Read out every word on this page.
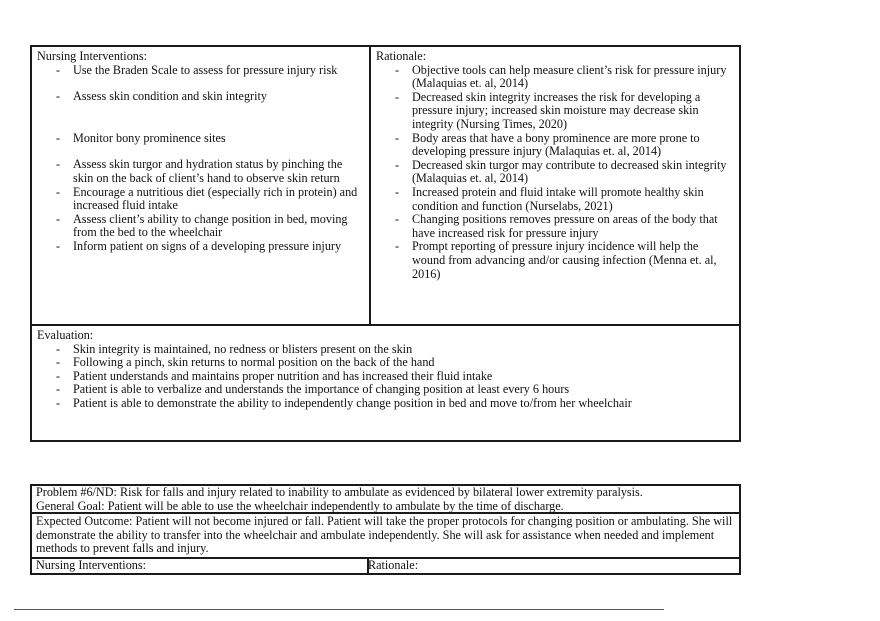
Nursing Interventions:
- Use the Braden Scale to assess for pressure injury risk
- Assess skin condition and skin integrity
- Monitor bony prominence sites
- Assess skin turgor and hydration status by pinching the skin on the back of client’s hand to observe skin return
- Encourage a nutritious diet (especially rich in protein) and increased fluid intake
- Assess client’s ability to change position in bed, moving from the bed to the wheelchair
- Inform patient on signs of a developing pressure injury
Rationale:
- Objective tools can help measure client’s risk for pressure injury (Malaquias et. al, 2014)
- Decreased skin integrity increases the risk for developing a pressure injury; increased skin moisture may decrease skin integrity (Nursing Times, 2020)
- Body areas that have a bony prominence are more prone to developing pressure injury (Malaquias et. al, 2014)
- Decreased skin turgor may contribute to decreased skin integrity (Malaquias et. al, 2014)
- Increased protein and fluid intake will promote healthy skin condition and function (Nurselabs, 2021)
- Changing positions removes pressure on areas of the body that have increased risk for pressure injury
- Prompt reporting of pressure injury incidence will help the wound from advancing and/or causing infection (Menna et. al, 2016)
Evaluation:
- Skin integrity is maintained, no redness or blisters present on the skin
- Following a pinch, skin returns to normal position on the back of the hand
- Patient understands and maintains proper nutrition and has increased their fluid intake
- Patient is able to verbalize and understands the importance of changing position at least every 6 hours
- Patient is able to demonstrate the ability to independently change position in bed and move to/from her wheelchair
Problem #6/ND: Risk for falls and injury related to inability to ambulate as evidenced by bilateral lower extremity paralysis.
General Goal: Patient will be able to use the wheelchair independently to ambulate by the time of discharge.
Expected Outcome: Patient will not become injured or fall. Patient will take the proper protocols for changing position or ambulating. She will demonstrate the ability to transfer into the wheelchair and ambulate independently. She will ask for assistance when needed and implement methods to prevent falls and injury.
Nursing Interventions:	Rationale:
